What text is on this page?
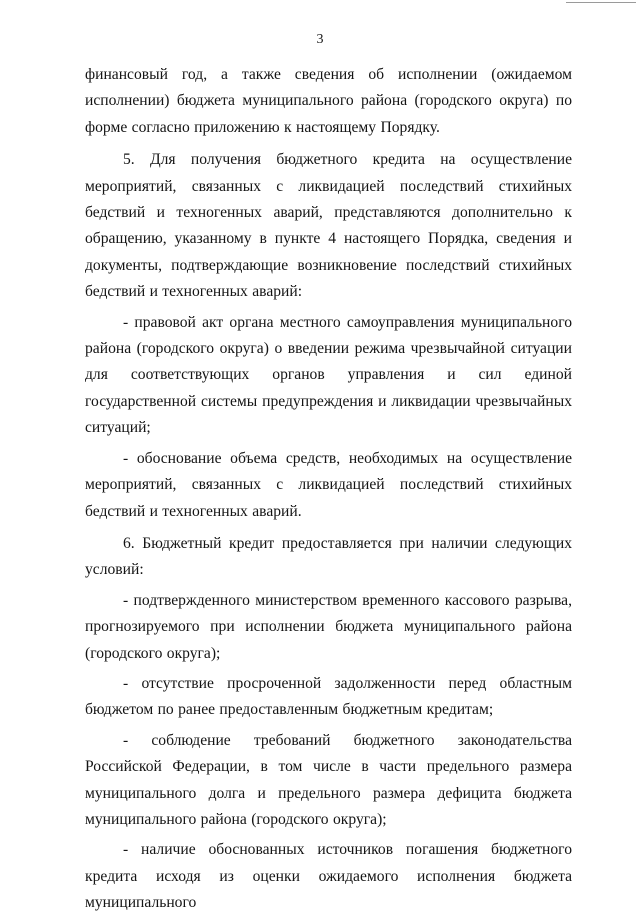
3

финансовый год, а также сведения об исполнении (ожидаемом исполнении) бюджета муниципального района (городского округа) по форме согласно приложению к настоящему Порядку.

5. Для получения бюджетного кредита на осуществление мероприятий, связанных с ликвидацией последствий стихийных бедствий и техногенных аварий, представляются дополнительно к обращению, указанному в пункте 4 настоящего Порядка, сведения и документы, подтверждающие возникновение последствий стихийных бедствий и техногенных аварий:

- правовой акт органа местного самоуправления муниципального района (городского округа) о введении режима чрезвычайной ситуации для соответствующих органов управления и сил единой государственной системы предупреждения и ликвидации чрезвычайных ситуаций;

- обоснование объема средств, необходимых на осуществление мероприятий, связанных с ликвидацией последствий стихийных бедствий и техногенных аварий.

6. Бюджетный кредит предоставляется при наличии следующих условий:

- подтвержденного министерством временного кассового разрыва, прогнозируемого при исполнении бюджета муниципального района (городского округа);

- отсутствие просроченной задолженности перед областным бюджетом по ранее предоставленным бюджетным кредитам;

- соблюдение требований бюджетного законодательства Российской Федерации, в том числе в части предельного размера муниципального долга и предельного размера дефицита бюджета муниципального района (городского округа);

- наличие обоснованных источников погашения бюджетного кредита исходя из оценки ожидаемого исполнения бюджета муниципального
